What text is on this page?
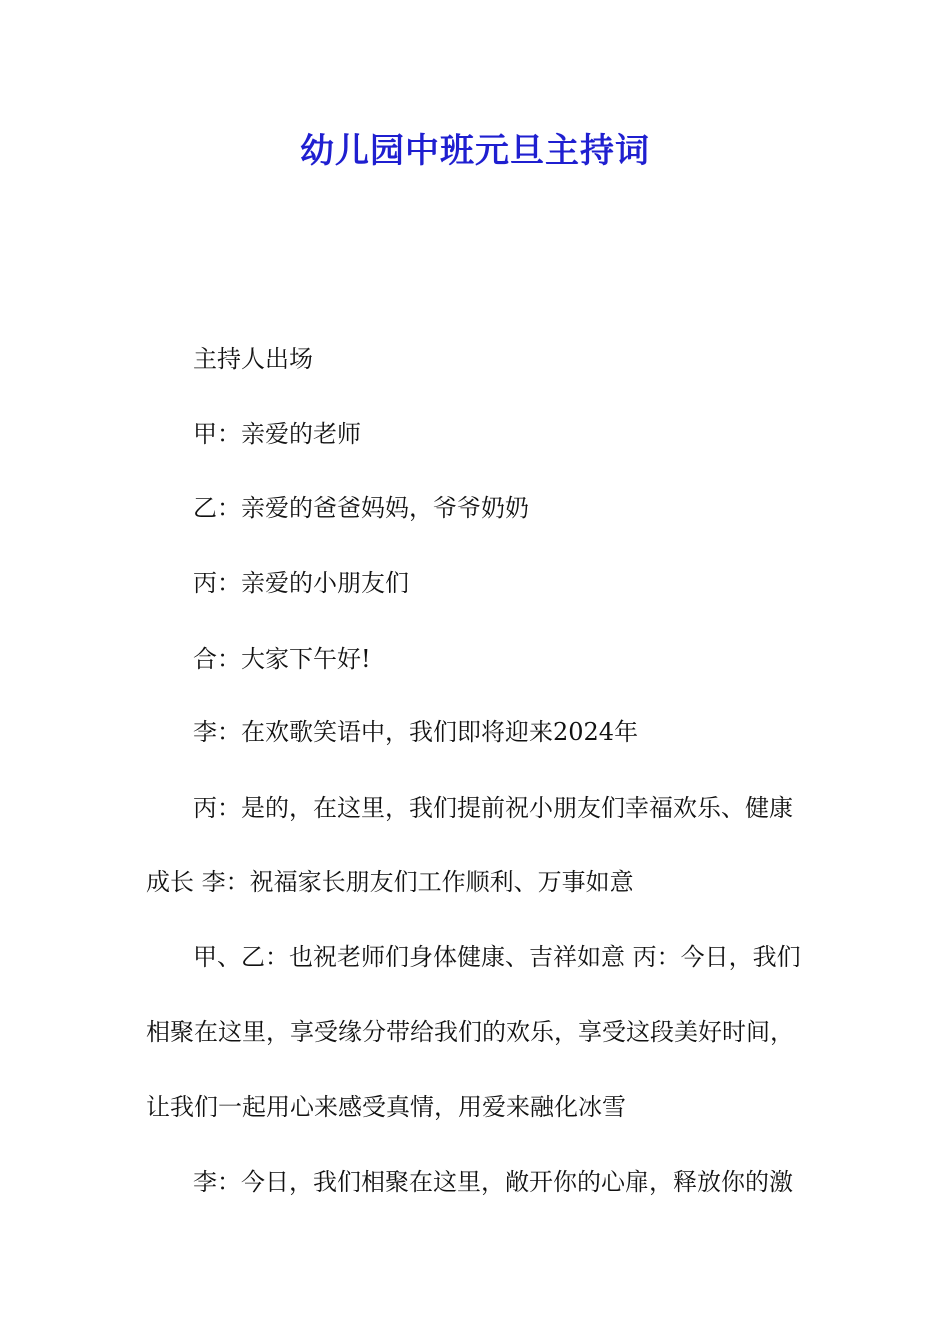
幼儿园中班元旦主持词
主持人出场
甲：亲爱的老师
乙：亲爱的爸爸妈妈，爷爷奶奶
丙：亲爱的小朋友们
合：大家下午好!
李：在欢歌笑语中，我们即将迎来2024年
丙：是的，在这里，我们提前祝小朋友们幸福欢乐、健康
成长 李：祝福家长朋友们工作顺利、万事如意
甲、乙：也祝老师们身体健康、吉祥如意 丙：今日，我们
相聚在这里，享受缘分带给我们的欢乐，享受这段美好时间，
让我们一起用心来感受真情，用爱来融化冰雪
李：今日，我们相聚在这里，敞开你的心扉，释放你的激
